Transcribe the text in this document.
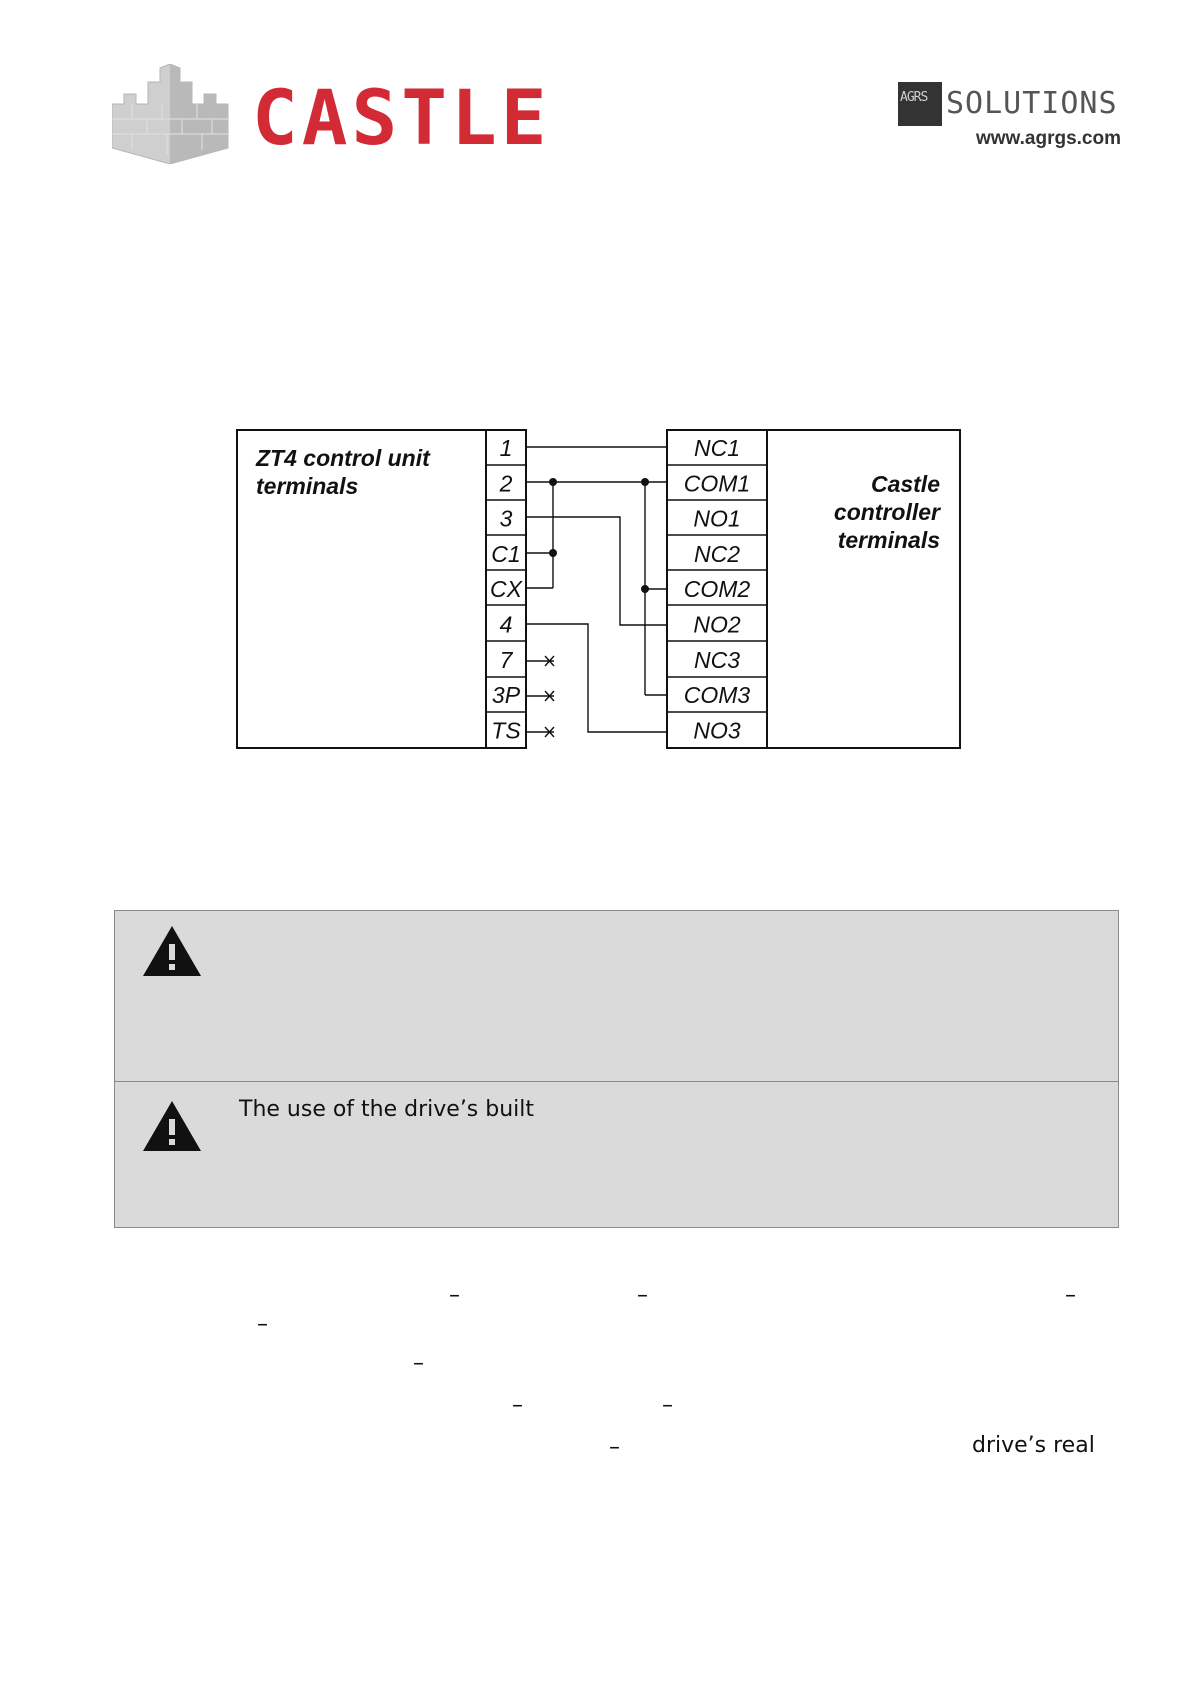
CASTLE	AGRS SOLUTIONS
www.agrgs.com
ZT4 control unit
terminals	Castle
controller
terminals
1
2
3
C1
CX
4
7
3P
TS
NC1
COM1
NO1
NC2
COM2
NO2
NC3
COM3
NO3
The use of the drive’s built
–	–	–
–
–
–	–
–	drive’s real
